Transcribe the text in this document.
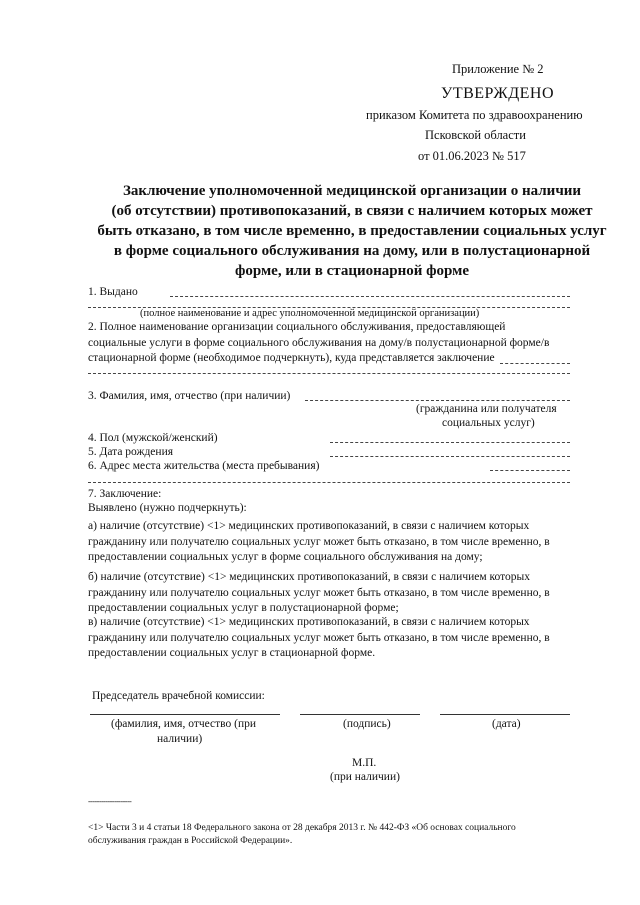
Приложение № 2
УТВЕРЖДЕНО
приказом Комитета по здравоохранению
Псковской области
от 01.06.2023 № 517
Заключение уполномоченной медицинской организации о наличии
(об отсутствии) противопоказаний, в связи с наличием которых может
быть отказано, в том числе временно, в предоставлении социальных услуг
в форме социального обслуживания на дому, или в полустационарной
форме, или в стационарной форме
1. Выдано
(полное наименование и адрес уполномоченной медицинской организации)
2. Полное наименование организации социального обслуживания, предоставляющей
социальные услуги в форме социального обслуживания на дому/в полустационарной форме/в
стационарной форме (необходимое подчеркнуть), куда представляется заключение
3. Фамилия, имя, отчество (при наличии)
(гражданина или получателя
социальных услуг)
4. Пол (мужской/женский)
5. Дата рождения
6. Адрес места жительства (места пребывания)
7. Заключение:
Выявлено (нужно подчеркнуть):
а) наличие (отсутствие) <1> медицинских противопоказаний, в связи с наличием которых
гражданину или получателю социальных услуг может быть отказано, в том числе временно, в
предоставлении социальных услуг в форме социального обслуживания на дому;
б) наличие (отсутствие) <1> медицинских противопоказаний, в связи с наличием которых
гражданину или получателю социальных услуг может быть отказано, в том числе временно, в
предоставлении социальных услуг в полустационарной форме;
в) наличие (отсутствие) <1> медицинских противопоказаний, в связи с наличием которых
гражданину или получателю социальных услуг может быть отказано, в том числе временно, в
предоставлении социальных услуг в стационарной форме.
Председатель врачебной комиссии:
(фамилия, имя, отчество (при
наличии)
(подпись)	(дата)
М.П.
(при наличии)
--------------------
<1> Части 3 и 4 статьи 18 Федерального закона от 28 декабря 2013 г. № 442-ФЗ «Об основах социального
обслуживания граждан в Российской Федерации».
